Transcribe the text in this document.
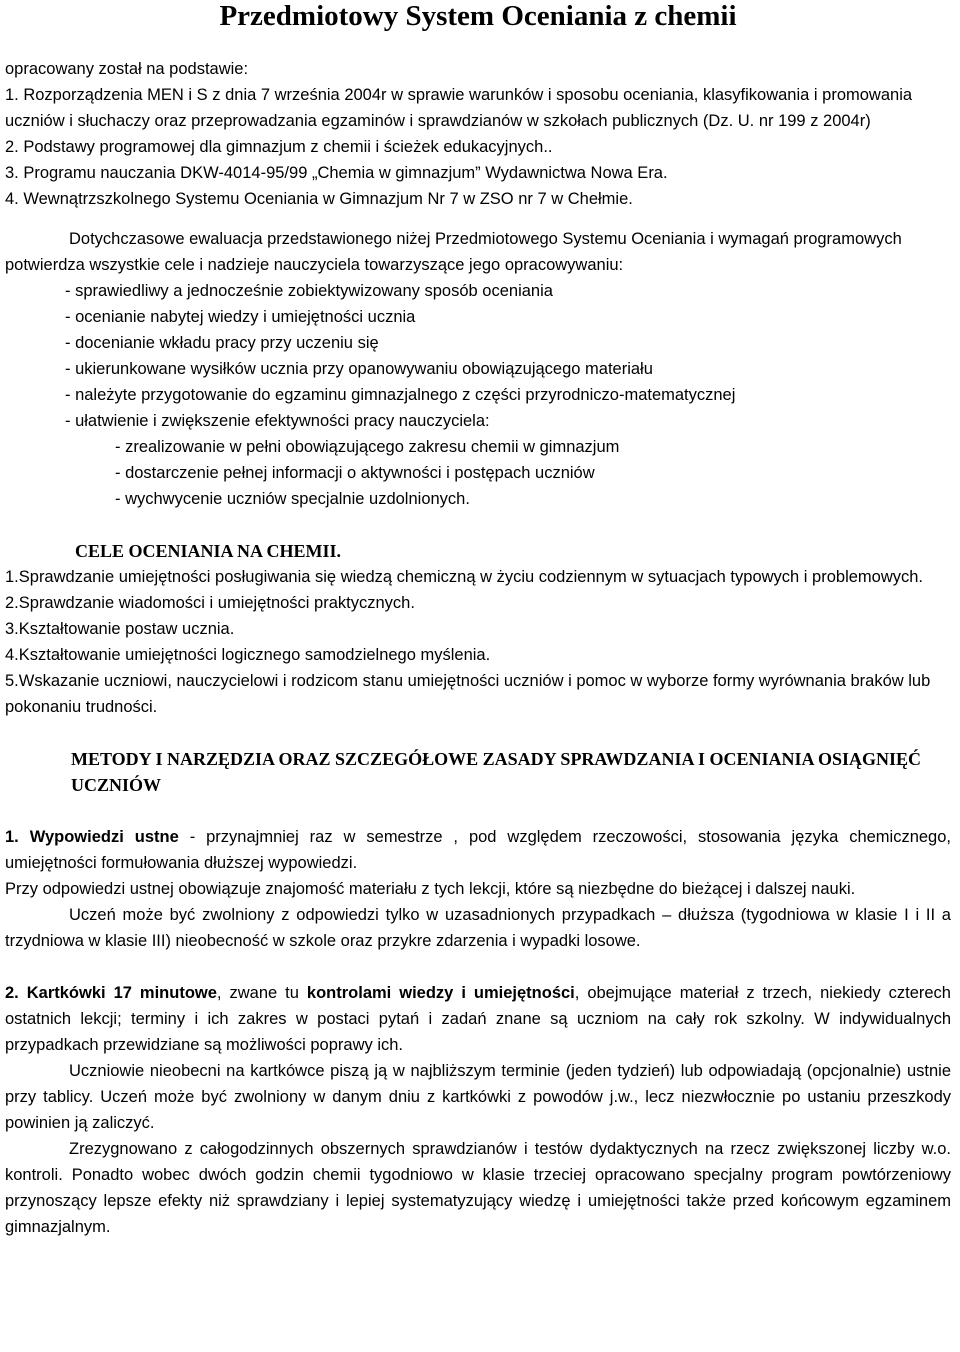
Przedmiotowy System Oceniania z chemii

opracowany został na podstawie:

1. Rozporządzenia MEN i S z dnia 7 września 2004r w sprawie warunków i sposobu oceniania, klasyfikowania i promowania uczniów i słuchaczy oraz przeprowadzania egzaminów i sprawdzianów w szkołach publicznych (Dz. U. nr 199 z 2004r)

2. Podstawy programowej dla gimnazjum z chemii i ścieżek edukacyjnych..

3. Programu nauczania DKW-4014-95/99 „Chemia w gimnazjum” Wydawnictwa Nowa Era.

4. Wewnątrzszkolnego Systemu Oceniania w Gimnazjum Nr 7 w ZSO nr 7 w Chełmie.

Dotychczasowe ewaluacja przedstawionego niżej Przedmiotowego Systemu Oceniania i wymagań programowych potwierdza wszystkie cele i nadzieje nauczyciela towarzyszące jego opracowywaniu:

- sprawiedliwy a jednocześnie zobiektywizowany sposób oceniania

- ocenianie nabytej wiedzy i umiejętności ucznia

- docenianie wkładu pracy przy uczeniu się

- ukierunkowane wysiłków ucznia przy opanowywaniu obowiązującego materiału

- należyte przygotowanie do egzaminu gimnazjalnego z części przyrodniczo-matematycznej

- ułatwienie i zwiększenie efektywności pracy nauczyciela:

- zrealizowanie w pełni obowiązującego zakresu chemii w gimnazjum

- dostarczenie pełnej informacji o aktywności i postępach uczniów

- wychwycenie uczniów specjalnie uzdolnionych.

CELE OCENIANIA NA CHEMII.

1.Sprawdzanie umiejętności posługiwania się wiedzą chemiczną w życiu codziennym w sytuacjach typowych i problemowych.

2.Sprawdzanie wiadomości i umiejętności praktycznych.

3.Kształtowanie postaw ucznia.

4.Kształtowanie umiejętności logicznego samodzielnego myślenia.

5.Wskazanie uczniowi, nauczycielowi i rodzicom stanu umiejętności uczniów i pomoc w wyborze formy wyrównania braków lub pokonaniu trudności.

METODY I NARZĘDZIA ORAZ SZCZEGÓŁOWE ZASADY SPRAWDZANIA I OCENIANIA OSIĄGNIĘĆ UCZNIÓW

1. Wypowiedzi ustne - przynajmniej raz w semestrze , pod względem rzeczowości, stosowania języka chemicznego, umiejętności formułowania dłuższej wypowiedzi.

Przy odpowiedzi ustnej obowiązuje znajomość materiału z tych lekcji, które są niezbędne do bieżącej i dalszej nauki.

Uczeń może być zwolniony z odpowiedzi tylko w uzasadnionych przypadkach – dłuższa (tygodniowa w klasie I i II a trzydniowa w klasie III) nieobecność w szkole oraz przykre zdarzenia i wypadki losowe.

2. Kartkówki 17 minutowe, zwane tu kontrolami wiedzy i umiejętności, obejmujące materiał z trzech, niekiedy czterech ostatnich lekcji; terminy i ich zakres w postaci pytań i zadań znane są uczniom na cały rok szkolny. W indywidualnych przypadkach przewidziane są możliwości poprawy ich.

Uczniowie nieobecni na kartkówce piszą ją w najbliższym terminie (jeden tydzień) lub odpowiadają (opcjonalnie) ustnie przy tablicy. Uczeń może być zwolniony w danym dniu z kartkówki z powodów j.w., lecz niezwłocznie po ustaniu przeszkody powinien ją zaliczyć.

Zrezygnowano z całogodzinnych obszernych sprawdzianów i testów dydaktycznych na rzecz zwiększonej liczby w.o. kontroli. Ponadto wobec dwóch godzin chemii tygodniowo w klasie trzeciej opracowano specjalny program powtórzeniowy przynoszący lepsze efekty niż sprawdziany i lepiej systematyzujący wiedzę i umiejętności także przed końcowym egzaminem gimnazjalnym.
